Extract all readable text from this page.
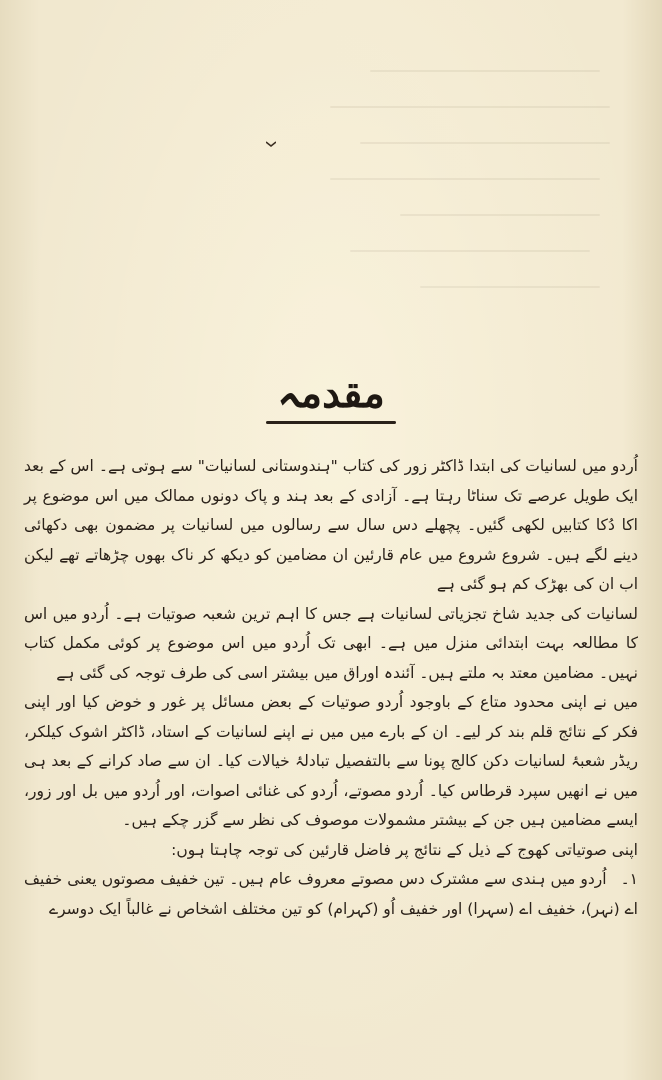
مقدمہ

اُردو میں لسانیات کی ابتدا ڈاکٹر زور کی کتاب "ہندوستانی لسانیات" سے ہوتی ہے۔ اس کے بعد ایک طویل عرصے تک سناٹا رہتا ہے۔ آزادی کے بعد ہند و پاک دونوں ممالک میں اس موضوع پر اکا دُکا کتابیں لکھی گئیں۔ پچھلے دس سال سے رسالوں میں لسانیات پر مضمون بھی دکھائی دینے لگے ہیں۔ شروع شروع میں عام قارئین ان مضامین کو دیکھ کر ناک بھوں چڑھاتے تھے لیکن اب ان کی بھڑک کم ہو گئی ہے

لسانیات کی جدید شاخ تجزیاتی لسانیات ہے جس کا اہم ترین شعبہ صوتیات ہے۔ اُردو میں اس کا مطالعہ بہت ابتدائی منزل میں ہے۔ ابھی تک اُردو میں اس موضوع پر کوئی مکمل کتاب نہیں۔ مضامین معتد بہ ملتے ہیں۔ آئندہ اوراق میں بیشتر اسی کی طرف توجہ کی گئی ہے

میں نے اپنی محدود متاع کے باوجود اُردو صوتیات کے بعض مسائل پر غور و خوض کیا اور اپنی فکر کے نتائج قلم بند کر لیے۔ ان کے بارے میں میں نے اپنے لسانیات کے استاد، ڈاکٹر اشوک کیلکر، ریڈر شعبۂ لسانیات دکن کالج پونا سے بالتفصیل تبادلۂ خیالات کیا۔ ان سے صاد کرانے کے بعد ہی میں نے انھیں سپرد قرطاس کیا۔ اُردو مصوتے، اُردو کی غنائی اصوات، اور اُردو میں بل اور زور، ایسے مضامین ہیں جن کے بیشتر مشمولات موصوف کی نظر سے گزر چکے ہیں۔

اپنی صوتیاتی کھوج کے ذیل کے نتائج پر فاضل قارئین کی توجہ چاہتا ہوں:

۱۔اُردو میں ہندی سے مشترک دس مصوتے معروف عام ہیں۔ تین خفیف مصوتوں یعنی خفیف اے (نہر)، خفیف اے (سہرا) اور خفیف اُو (کہرام) کو تین مختلف اشخاص نے غالباً ایک دوسرے
